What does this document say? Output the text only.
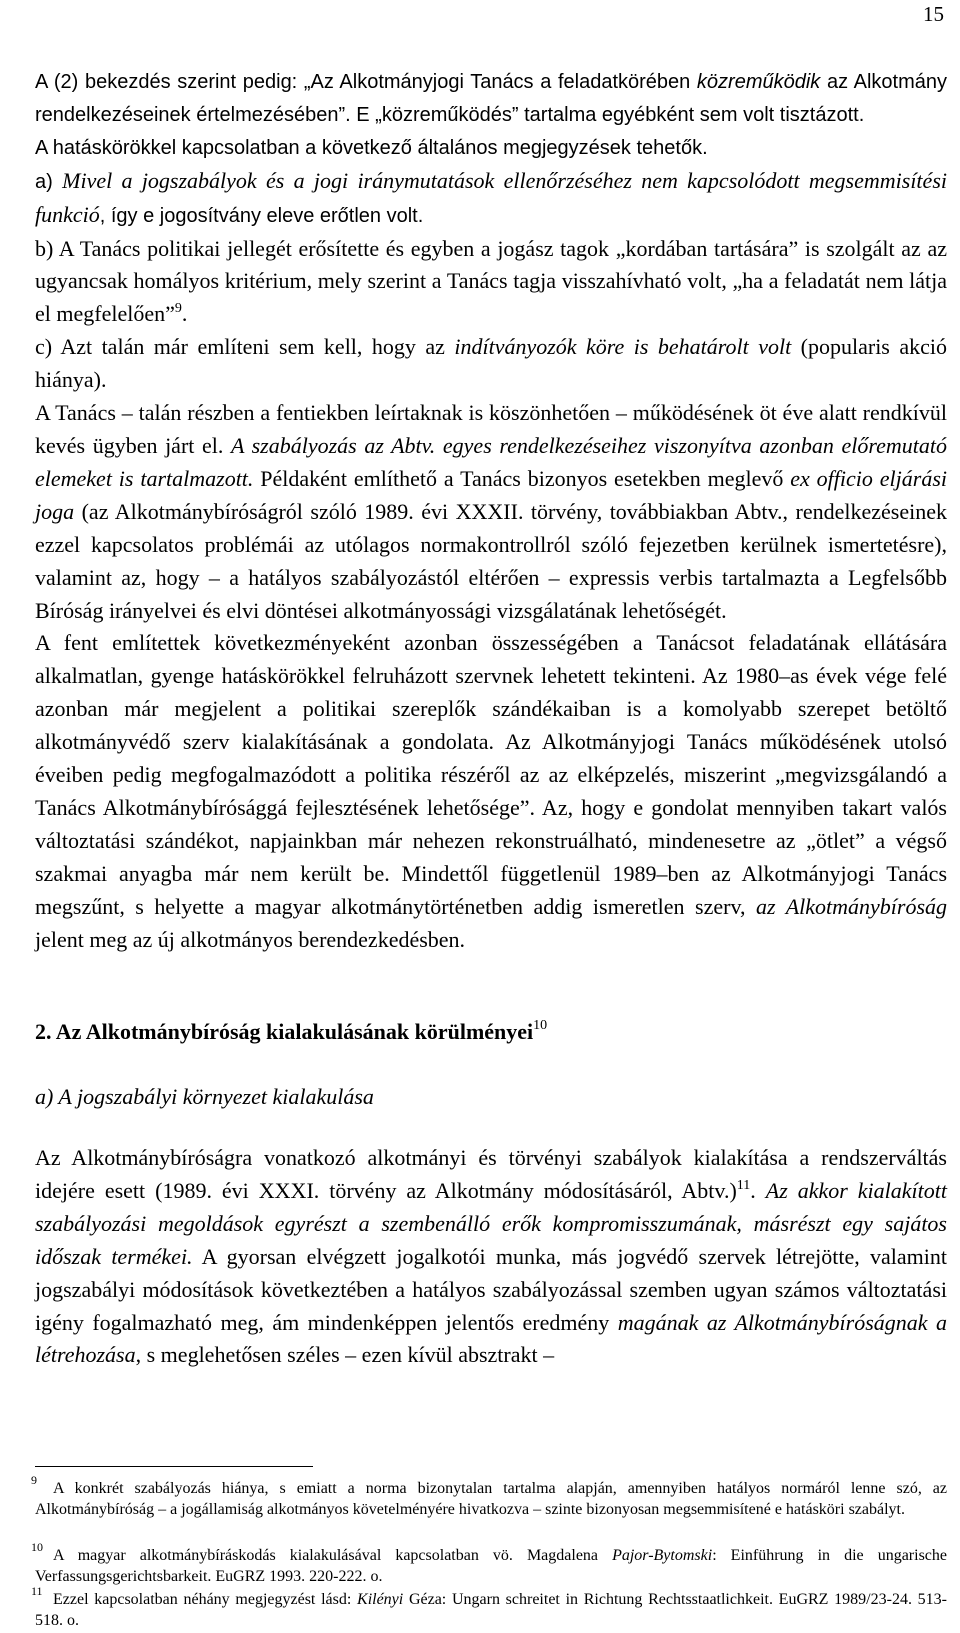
15

A (2) bekezdés szerint pedig: „Az Alkotmányjogi Tanács a feladatkörében közreműködik az Alkotmány rendelkezéseinek értelmezésében”. E „közreműködés” tartalma egyébként sem volt tisztázott.

A hatáskörökkel kapcsolatban a következő általános megjegyzések tehetők.

a) Mivel a jogszabályok és a jogi iránymutatások ellenőrzéséhez nem kapcsolódott megsemmisítési funkció, így e jogosítvány eleve erőtlen volt.

b) A Tanács politikai jellegét erősítette és egyben a jogász tagok „kordában tartására” is szolgált az az ugyancsak homályos kritérium, mely szerint a Tanács tagja visszahívható volt, „ha a feladatát nem látja el megfelelően”$^9$.

c) Azt talán már említeni sem kell, hogy az indítványozók köre is behatárolt volt (popularis akció hiánya).

A Tanács – talán részben a fentiekben leírtaknak is köszönhetően – működésének öt éve alatt rendkívül kevés ügyben járt el. A szabályozás az Abtv. egyes rendelkezéseihez viszonyítva azonban előremutató elemeket is tartalmazott. Példaként említhető a Tanács bizonyos esetekben meglevő ex officio eljárási joga (az Alkotmánybíróságról szóló 1989. évi XXXII. törvény, továbbiakban Abtv., rendelkezéseinek ezzel kapcsolatos problémái az utólagos normakontrollról szóló fejezetben kerülnek ismertetésre), valamint az, hogy – a hatályos szabályozástól eltérően – expressis verbis tartalmazta a Legfelsőbb Bíróság irányelvei és elvi döntései alkotmányossági vizsgálatának lehetőségét.

A fent említettek következményeként azonban összességében a Tanácsot feladatának ellátására alkalmatlan, gyenge hatáskörökkel felruházott szervnek lehetett tekinteni. Az 1980–as évek vége felé azonban már megjelent a politikai szereplők szándékaiban is a komolyabb szerepet betöltő alkotmányvédő szerv kialakításának a gondolata. Az Alkotmányjogi Tanács működésének utolsó éveiben pedig megfogalmazódott a politika részéről az az elképzelés, miszerint „megvizsgálandó a Tanács Alkotmánybírósággá fejlesztésének lehetősége”. Az, hogy e gondolat mennyiben takart valós változtatási szándékot, napjainkban már nehezen rekonstruálható, mindenesetre az „ötlet” a végső szakmai anyagba már nem került be. Mindettől függetlenül 1989–ben az Alkotmányjogi Tanács megszűnt, s helyette a magyar alkotmánytörténetben addig ismeretlen szerv, az Alkotmánybíróság jelent meg az új alkotmányos berendezkedésben.

2. Az Alkotmánybíróság kialakulásának körülményei$^{10}$
a) A jogszabályi környezet kialakulása

Az Alkotmánybíróságra vonatkozó alkotmányi és törvényi szabályok kialakítása a rendszerváltás idejére esett (1989. évi XXXI. törvény az Alkotmány módosításáról, Abtv.)$^{11}$. Az akkor kialakított szabályozási megoldások egyrészt a szembenálló erők kompromisszumának, másrészt egy sajátos időszak termékei. A gyorsan elvégzett jogalkotói munka, más jogvédő szervek létrejötte, valamint jogszabályi módosítások következtében a hatályos szabályozással szemben ugyan számos változtatási igény fogalmazható meg, ám mindenképpen jelentős eredmény magának az Alkotmánybíróságnak a létrehozása, s meglehetősen széles – ezen kívül absztrakt –

9	A konkrét szabályozás hiánya, s emiatt a norma bizonytalan tartalma alapján, amennyiben hatályos normáról lenne szó, az Alkotmánybíróság – a jogállamiság alkotmányos követelményére hivatkozva – szinte bizonyosan megsemmisítené e hatásköri szabályt.
10 A magyar alkotmánybíráskodás kialakulásával kapcsolatban vö. Magdalena Pajor-Bytomski: Einführung in die ungarische Verfassungsgerichtsbarkeit. EuGRZ 1993. 220-222. o.
11 Ezzel kapcsolatban néhány megjegyzést lásd: Kilényi Géza: Ungarn schreitet in Richtung Rechtsstaatlichkeit. EuGRZ 1989/23-24. 513-518. o.
